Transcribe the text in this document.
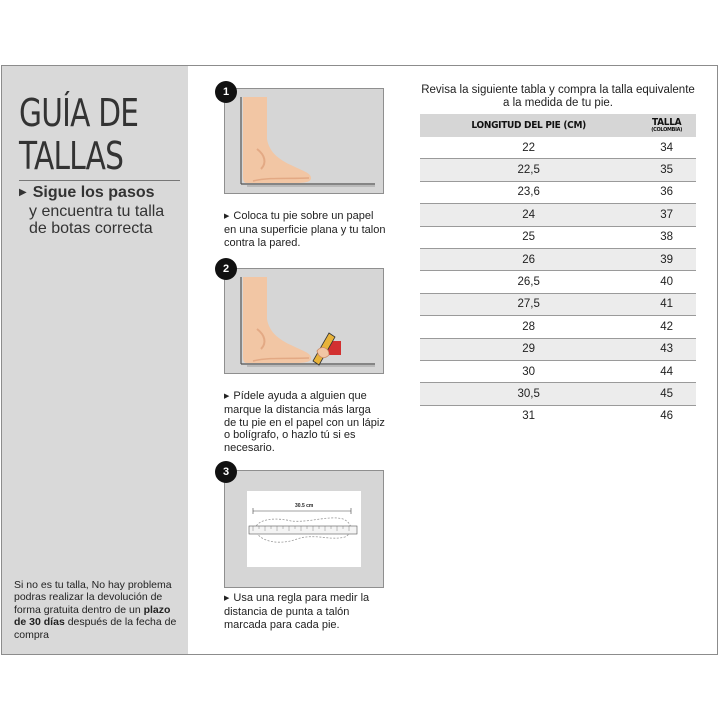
GUÍA DE
TALLAS
▶ Sigue los pasos
y encuentra tu talla de botas correcta
Si no es tu talla, No hay problema podras realizar la devolución de forma gratuita dentro de un plazo de 30 días después de la fecha de compra
1
▶ Coloca tu pie sobre un papel en una superficie plana y tu talon contra la pared.
2
▶ Pídele ayuda a alguien que marque la distancia más larga de tu pie en el papel con un lápiz o bolígrafo, o hazlo tú si es necesario.
30.5 cm
3
▶ Usa una regla para medir la distancia de punta a talón marcada para cada pie.
Revisa la siguiente tabla y compra la talla equivalente a la medida de tu pie.
LONGITUD DEL PIE (CM)	TALLA
(COLOMBIA)

22	34
22,5	35
23,6	36
24	37
25	38
26	39
26,5	40
27,5	41
28	42
29	43
30	44
30,5	45
31	46
